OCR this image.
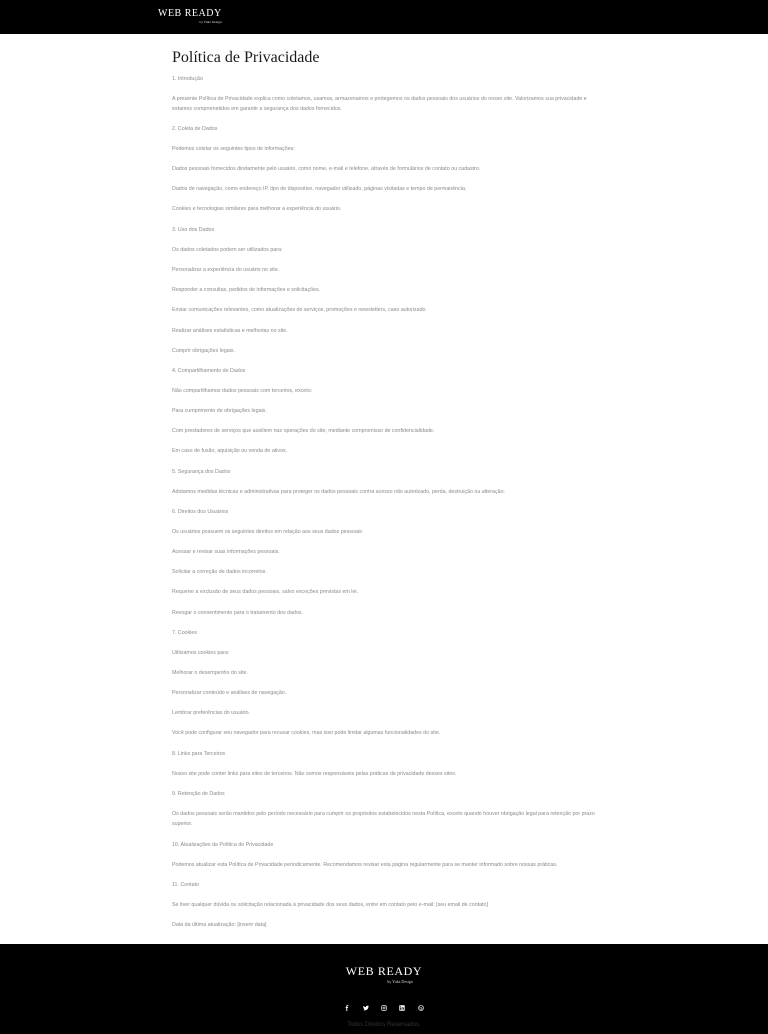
WEB READY
by Yuka Design
Política de Privacidade

1. Introdução

A presente Política de Privacidade explica como coletamos, usamos, armazenamos e protegemos os dados pessoais dos usuários do nosso site. Valorizamos sua privacidade e estamos comprometidos em garantir a segurança dos dados fornecidos.

2. Coleta de Dados

Podemos coletar os seguintes tipos de informações:

Dados pessoais fornecidos diretamente pelo usuário, como nome, e-mail e telefone, através de formulários de contato ou cadastro.

Dados de navegação, como endereço IP, tipo de dispositivo, navegador utilizado, páginas visitadas e tempo de permanência.

Cookies e tecnologias similares para melhorar a experiência do usuário.

3. Uso dos Dados

Os dados coletados podem ser utilizados para:

Personalizar a experiência do usuário no site.

Responder a consultas, pedidos de informações e solicitações.

Enviar comunicações relevantes, como atualizações de serviços, promoções e newsletters, caso autorizado.

Realizar análises estatísticas e melhorias no site.

Cumprir obrigações legais.

4. Compartilhamento de Dados

Não compartilhamos dados pessoais com terceiros, exceto:

Para cumprimento de obrigações legais.

Com prestadores de serviços que auxiliem nas operações do site, mediante compromisso de confidencialidade.

Em caso de fusão, aquisição ou venda de ativos.

5. Segurança dos Dados

Adotamos medidas técnicas e administrativas para proteger os dados pessoais contra acesso não autorizado, perda, destruição ou alteração.

6. Direitos dos Usuários

Os usuários possuem os seguintes direitos em relação aos seus dados pessoais:

Acessar e revisar suas informações pessoais.

Solicitar a correção de dados incorretos.

Requerer a exclusão de seus dados pessoais, salvo exceções previstas em lei.

Revogar o consentimento para o tratamento dos dados.

7. Cookies

Utilizamos cookies para:

Melhorar o desempenho do site.

Personalizar conteúdo e análises de navegação.

Lembrar preferências do usuário.

Você pode configurar seu navegador para recusar cookies, mas isso pode limitar algumas funcionalidades do site.

8. Links para Terceiros

Nosso site pode conter links para sites de terceiros. Não somos responsáveis pelas práticas de privacidade desses sites.

9. Retenção de Dados

Os dados pessoais serão mantidos pelo período necessário para cumprir os propósitos estabelecidos nesta Política, exceto quando houver obrigação legal para retenção por prazo superior.

10. Atualizações da Política de Privacidade

Podemos atualizar esta Política de Privacidade periodicamente. Recomendamos revisar esta página regularmente para se manter informado sobre nossas práticas.

11. Contato

Se tiver qualquer dúvida ou solicitação relacionada à privacidade dos seus dados, entre em contato pelo e-mail: [seu email de contato]

Data da última atualização: [inserir data]

WEB READY
by Yuka Design

Todos Direitos Reservados.
